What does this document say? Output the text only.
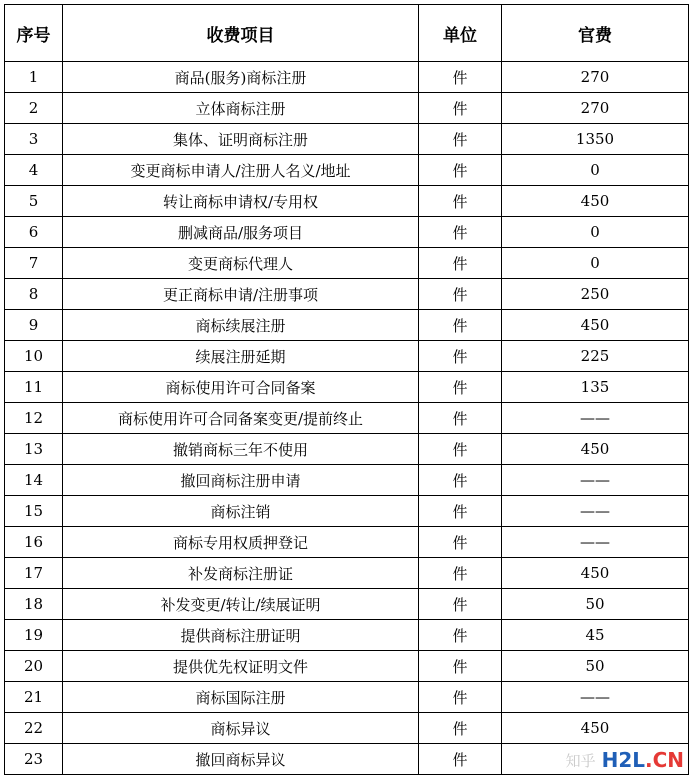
序号	收费项目	单位	官费
1	商品(服务)商标注册	件	270
2	立体商标注册	件	270
3	集体、证明商标注册	件	1350
4	变更商标申请人/注册人名义/地址	件	0
5	转让商标申请权/专用权	件	450
6	删减商品/服务项目	件	0
7	变更商标代理人	件	0
8	更正商标申请/注册事项	件	250
9	商标续展注册	件	450
10	续展注册延期	件	225
11	商标使用许可合同备案	件	135
12	商标使用许可合同备案变更/提前终止	件	——
13	撤销商标三年不使用	件	450
14	撤回商标注册申请	件	——
15	商标注销	件	——
16	商标专用权质押登记	件	——
17	补发商标注册证	件	450
18	补发变更/转让/续展证明	件	50
19	提供商标注册证明	件	45
20	提供优先权证明文件	件	50
21	商标国际注册	件	——
22	商标异议	件	450
23	撤回商标异议	件		知乎 H2L.CN
